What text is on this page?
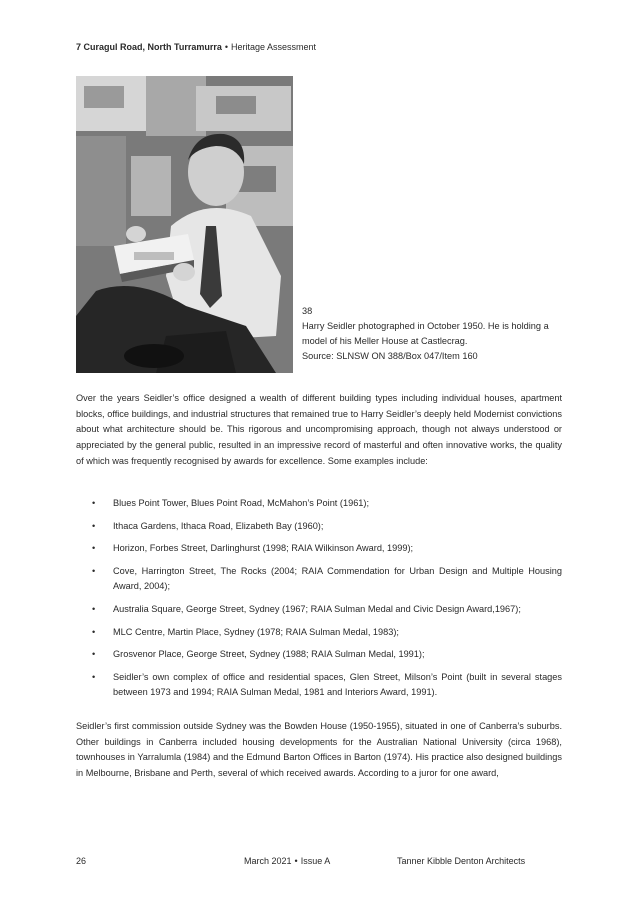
7 Curagul Road, North Turramurra • Heritage Assessment
38
Harry Seidler photographed in October 1950. He is holding a model of his Meller House at Castlecrag.
Source: SLNSW ON 388/Box 047/Item 160

Over the years Seidler’s office designed a wealth of different building types including individual houses, apartment blocks, office buildings, and industrial structures that remained true to Harry Seidler’s deeply held Modernist convictions about what architecture should be. This rigorous and uncompromising approach, though not always understood or appreciated by the general public, resulted in an impressive record of masterful and often innovative works, the quality of which was frequently recognised by awards for excellence. Some examples include:

• Blues Point Tower, Blues Point Road, McMahon’s Point (1961);
• Ithaca Gardens, Ithaca Road, Elizabeth Bay (1960);
• Horizon, Forbes Street, Darlinghurst (1998; RAIA Wilkinson Award, 1999);
• Cove, Harrington Street, The Rocks (2004; RAIA Commendation for Urban Design and Multiple Housing Award, 2004);
• Australia Square, George Street, Sydney (1967; RAIA Sulman Medal and Civic Design Award,1967);
• MLC Centre, Martin Place, Sydney (1978; RAIA Sulman Medal, 1983);
• Grosvenor Place, George Street, Sydney (1988; RAIA Sulman Medal, 1991);
• Seidler’s own complex of office and residential spaces, Glen Street, Milson’s Point (built in several stages between 1973 and 1994; RAIA Sulman Medal, 1981 and Interiors Award, 1991).

Seidler’s first commission outside Sydney was the Bowden House (1950-1955), situated in one of Canberra’s suburbs. Other buildings in Canberra included housing developments for the Australian National University (circa 1968), townhouses in Yarralumla (1984) and the Edmund Barton Offices in Barton (1974). His practice also designed buildings in Melbourne, Brisbane and Perth, several of which received awards. According to a juror for one award,

26	March 2021 • Issue A	Tanner Kibble Denton Architects
